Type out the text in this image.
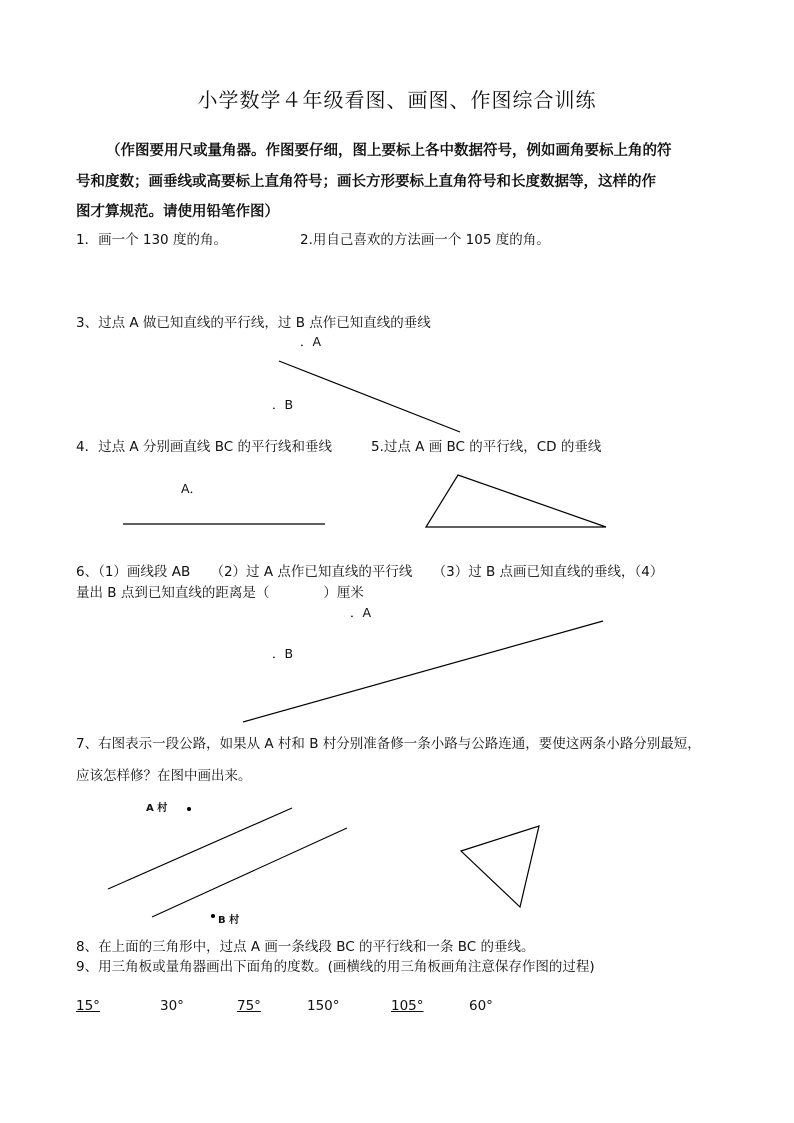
小学数学４年级看图、画图、作图综合训练
（作图要用尺或量角器。作图要仔细，图上要标上各中数据符号，例如画角要标上角的符
号和度数；画垂线或高要标上直角符号；画长方形要标上直角符号和长度数据等，这样的作
图才算规范。请使用铅笔作图）
1．画一个 130 度的角。	2.用自己喜欢的方法画一个 105 度的角。
3、过点 A 做已知直线的平行线，过 B 点作已知直线的垂线
．A
．B
4．过点 A 分别画直线 BC 的平行线和垂线	5.过点 A 画 BC 的平行线，CD 的垂线
A．
6、（1）画线段 AB　　（2）过 A 点作已知直线的平行线　　（3）过 B 点画已知直线的垂线，（4）
量出 B 点到已知直线的距离是（　　　　）厘米
．A
．B
7、右图表示一段公路，如果从 A 村和 B 村分别准备修一条小路与公路连通，要使这两条小路分别最短，
应该怎样修？在图中画出来。
A 村
B 村
8、在上面的三角形中，过点 A 画一条线段 BC 的平行线和一条 BC 的垂线。
9、用三角板或量角器画出下面角的度数。(画横线的用三角板画角注意保存作图的过程)
15°	30°	75°	150°	105°	60°
